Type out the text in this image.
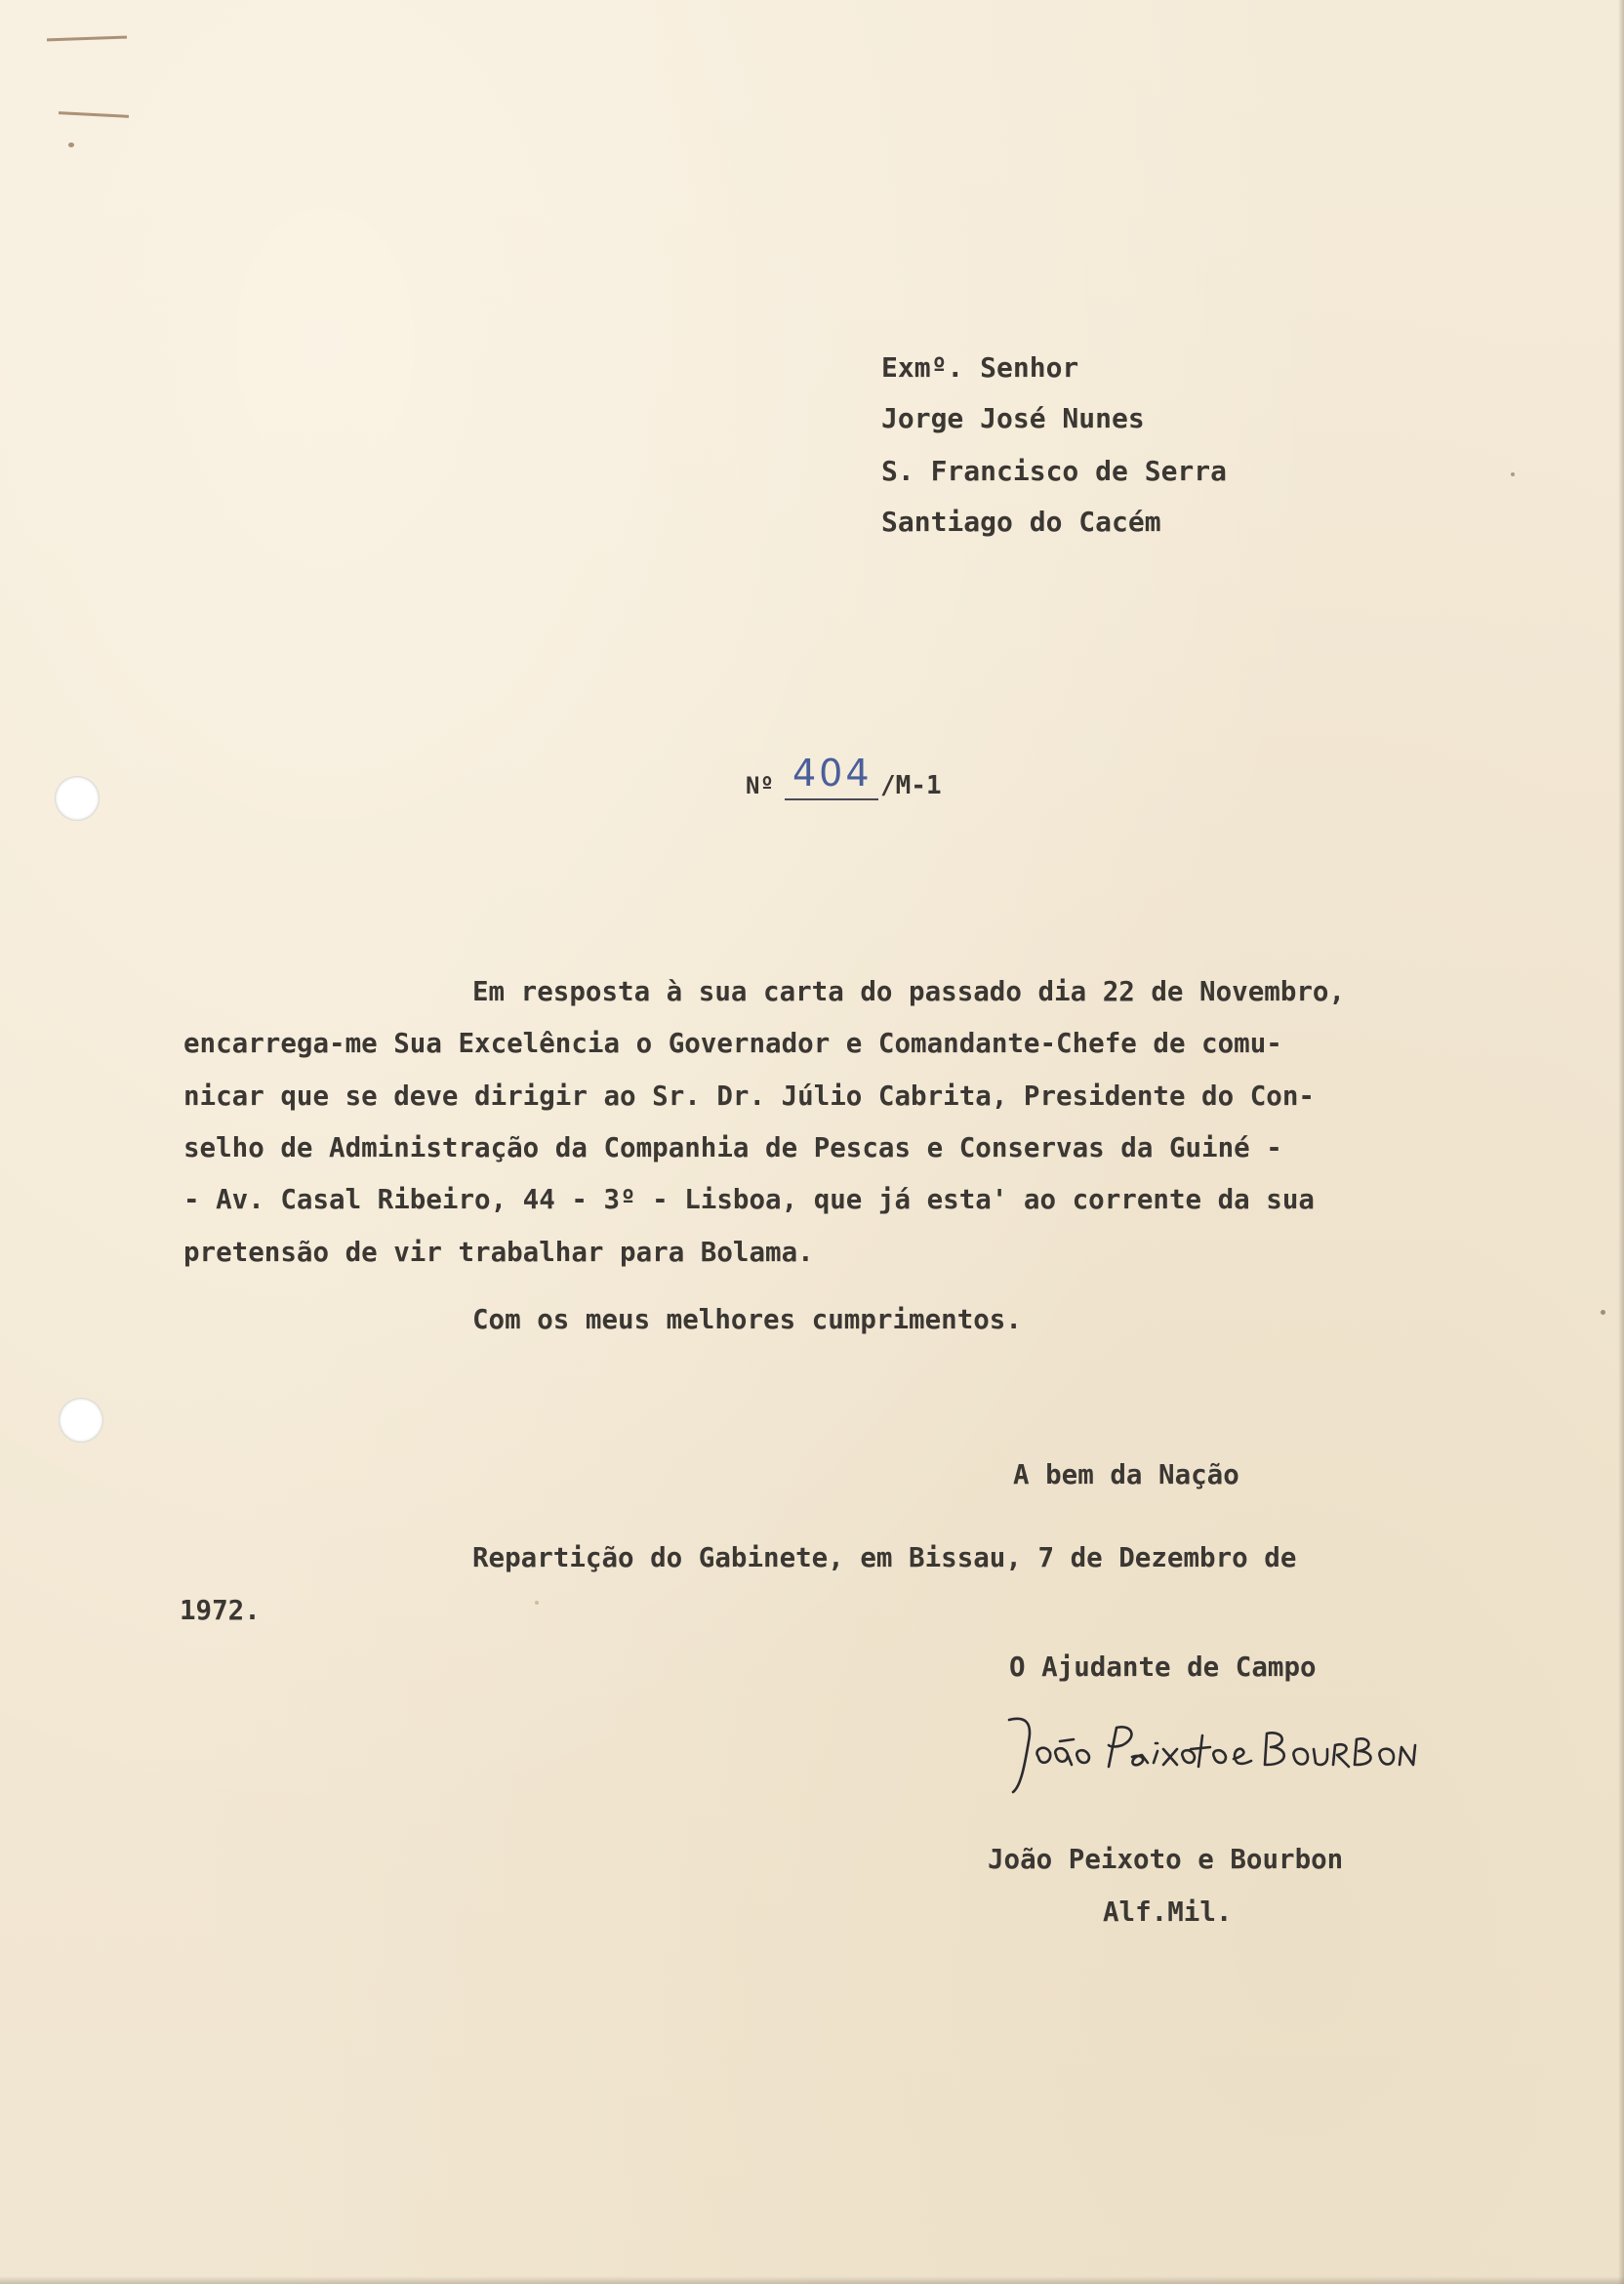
Exmº. Senhor

Jorge José Nunes

S. Francisco de Serra

Santiago do Cacém

Nº 404 /M-1

Em resposta à sua carta do passado dia 22 de Novembro,

encarrega-me Sua Excelência o Governador e Comandante-Chefe de comu-

nicar que se deve dirigir ao Sr. Dr. Júlio Cabrita, Presidente do Con-

selho de Administração da Companhia de Pescas e Conservas da Guiné -

- Av. Casal Ribeiro, 44 - 3º - Lisboa, que já esta' ao corrente da sua

pretensão de vir trabalhar para Bolama.

Com os meus melhores cumprimentos.

A bem da Nação

Repartição do Gabinete, em Bissau, 7 de Dezembro de

1972.

O Ajudante de Campo

João Peixoto e Bourbon

Alf.Mil.
